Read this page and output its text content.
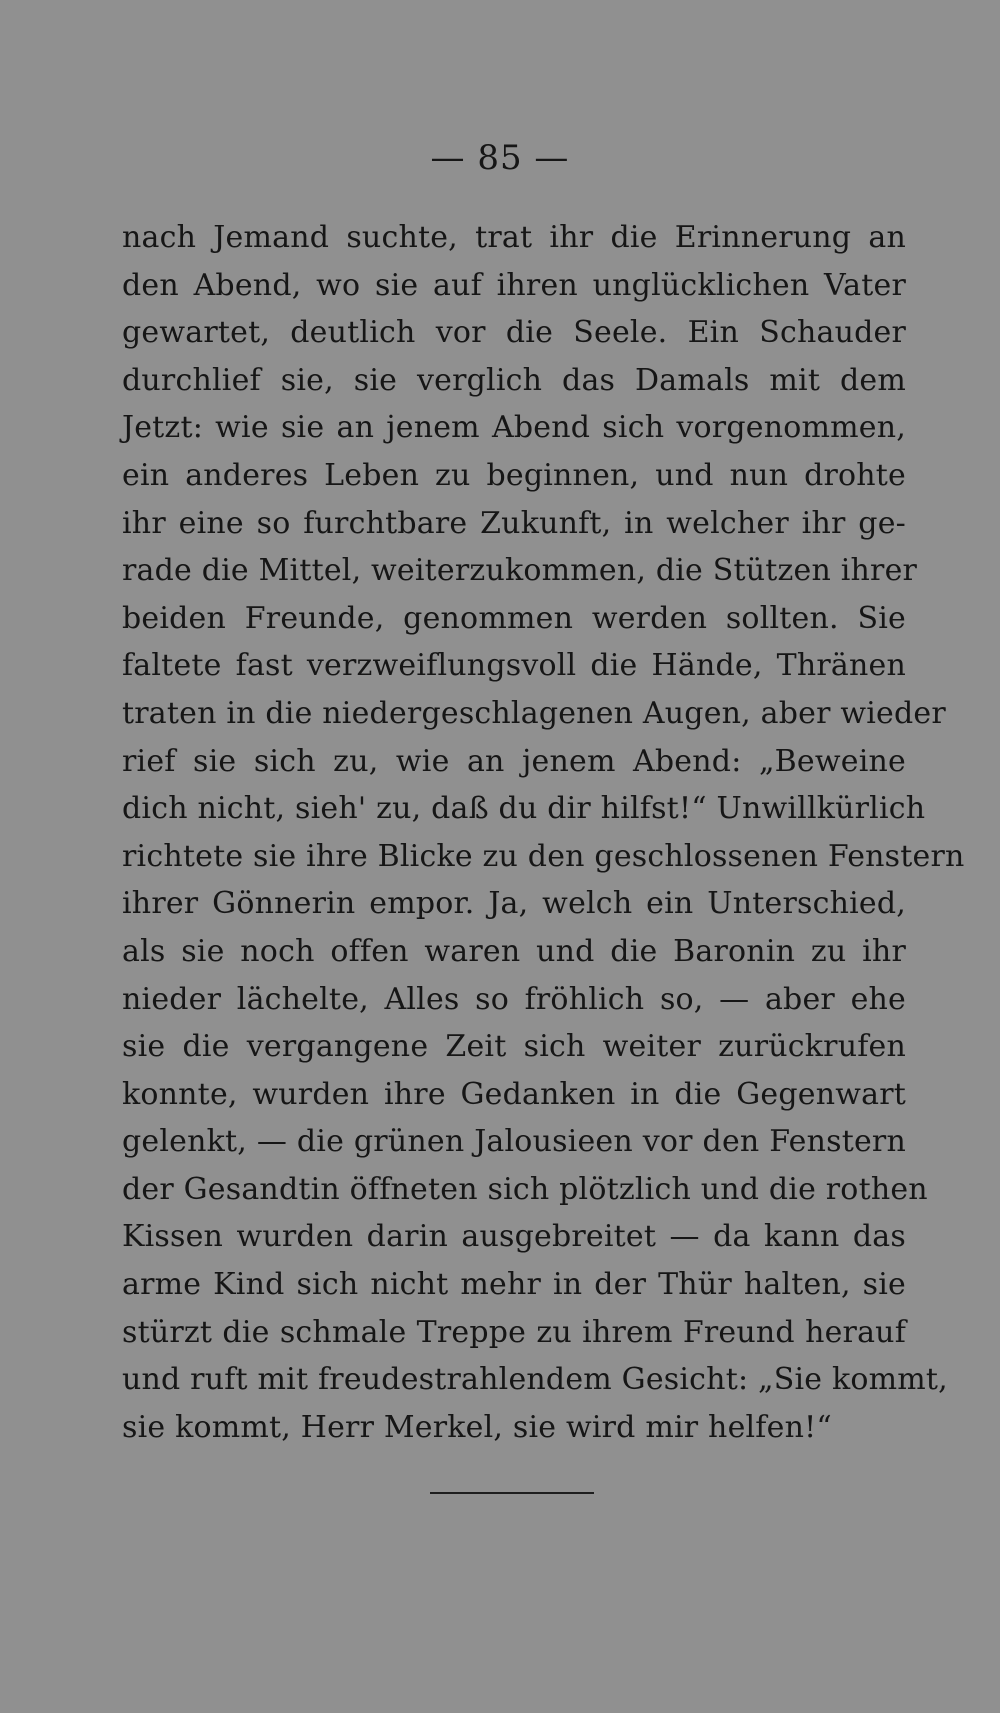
— 85 —
nach Jemand suchte, trat ihr die Erinnerung an
den Abend, wo sie auf ihren unglücklichen Vater
gewartet, deutlich vor die Seele. Ein Schauder
durchlief sie, sie verglich das Damals mit dem
Jetzt: wie sie an jenem Abend sich vorgenommen,
ein anderes Leben zu beginnen, und nun drohte
ihr eine so furchtbare Zukunft, in welcher ihr ge-
rade die Mittel, weiterzukommen, die Stützen ihrer
beiden Freunde, genommen werden sollten. Sie
faltete fast verzweiflungsvoll die Hände, Thränen
traten in die niedergeschlagenen Augen, aber wieder
rief sie sich zu, wie an jenem Abend: „Beweine
dich nicht, sieh' zu, daß du dir hilfst!“ Unwillkürlich
richtete sie ihre Blicke zu den geschlossenen Fenstern
ihrer Gönnerin empor. Ja, welch ein Unterschied,
als sie noch offen waren und die Baronin zu ihr
nieder lächelte, Alles so fröhlich so, — aber ehe
sie die vergangene Zeit sich weiter zurückrufen
konnte, wurden ihre Gedanken in die Gegenwart
gelenkt, — die grünen Jalousieen vor den Fenstern
der Gesandtin öffneten sich plötzlich und die rothen
Kissen wurden darin ausgebreitet — da kann das
arme Kind sich nicht mehr in der Thür halten, sie
stürzt die schmale Treppe zu ihrem Freund herauf
und ruft mit freudestrahlendem Gesicht: „Sie kommt,
sie kommt, Herr Merkel, sie wird mir helfen!“
